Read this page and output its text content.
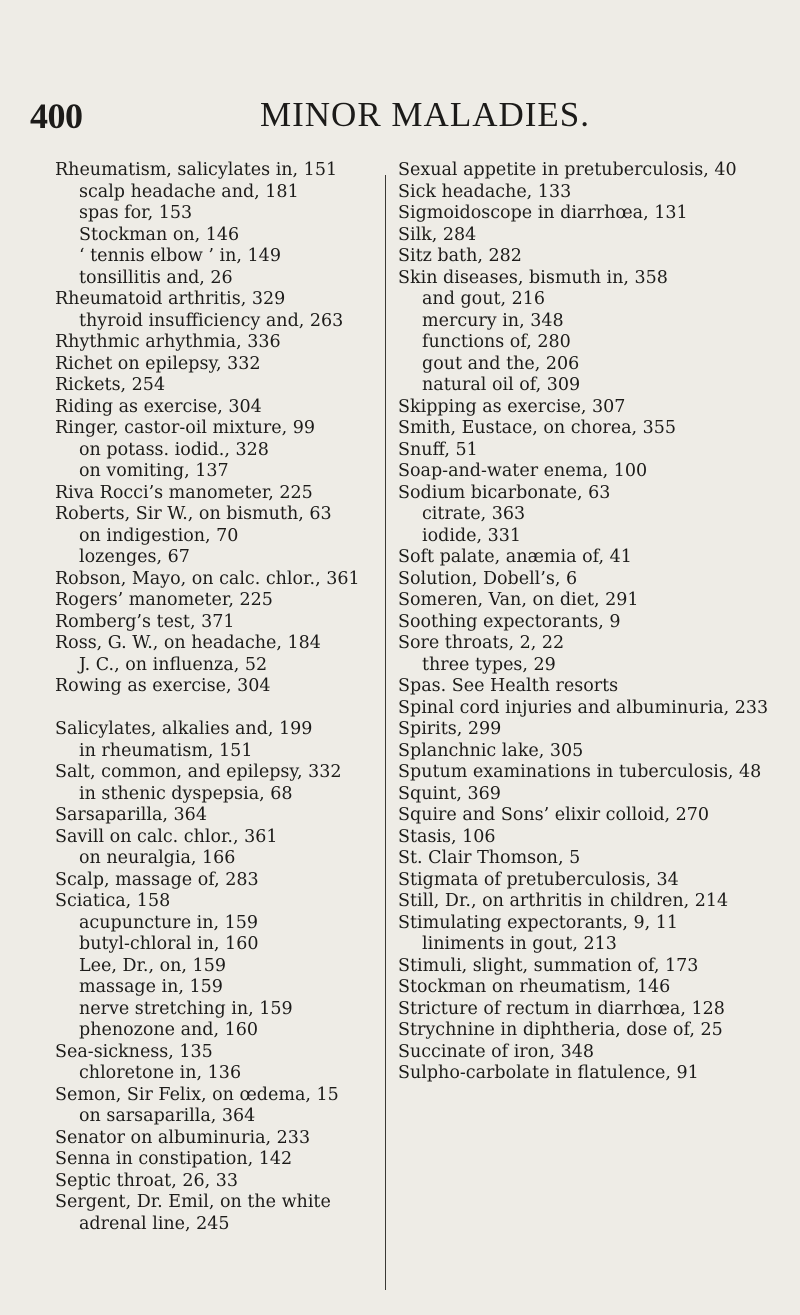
400	MINOR MALADIES.
Rheumatism, salicylates in, 151
scalp headache and, 181
spas for, 153
Stockman on, 146
‘ tennis elbow ’ in, 149
tonsillitis and, 26
Rheumatoid arthritis, 329
thyroid insufficiency and, 263
Rhythmic arhythmia, 336
Richet on epilepsy, 332
Rickets, 254
Riding as exercise, 304
Ringer, castor-oil mixture, 99
on potass. iodid., 328
on vomiting, 137
Riva Rocci’s manometer, 225
Roberts, Sir W., on bismuth, 63
on indigestion, 70
lozenges, 67
Robson, Mayo, on calc. chlor., 361
Rogers’ manometer, 225
Romberg’s test, 371
Ross, G. W., on headache, 184
J. C., on influenza, 52
Rowing as exercise, 304
Salicylates, alkalies and, 199
in rheumatism, 151
Salt, common, and epilepsy, 332
in sthenic dyspepsia, 68
Sarsaparilla, 364
Savill on calc. chlor., 361
on neuralgia, 166
Scalp, massage of, 283
Sciatica, 158
acupuncture in, 159
butyl-chloral in, 160
Lee, Dr., on, 159
massage in, 159
nerve stretching in, 159
phenozone and, 160
Sea-sickness, 135
chloretone in, 136
Semon, Sir Felix, on œdema, 15
on sarsaparilla, 364
Senator on albuminuria, 233
Senna in constipation, 142
Septic throat, 26, 33
Sergent, Dr. Emil, on the white adrenal line, 245
Sexual appetite in pretuberculosis, 40
Sick headache, 133
Sigmoidoscope in diarrhœa, 131
Silk, 284
Sitz bath, 282
Skin diseases, bismuth in, 358
and gout, 216
mercury in, 348
functions of, 280
gout and the, 206
natural oil of, 309
Skipping as exercise, 307
Smith, Eustace, on chorea, 355
Snuff, 51
Soap-and-water enema, 100
Sodium bicarbonate, 63
citrate, 363
iodide, 331
Soft palate, anæmia of, 41
Solution, Dobell’s, 6
Someren, Van, on diet, 291
Soothing expectorants, 9
Sore throats, 2, 22
three types, 29
Spas. See Health resorts
Spinal cord injuries and albuminuria, 233
Spirits, 299
Splanchnic lake, 305
Sputum examinations in tuberculosis, 48
Squint, 369
Squire and Sons’ elixir colloid, 270
Stasis, 106
St. Clair Thomson, 5
Stigmata of pretuberculosis, 34
Still, Dr., on arthritis in children, 214
Stimulating expectorants, 9, 11
liniments in gout, 213
Stimuli, slight, summation of, 173
Stockman on rheumatism, 146
Stricture of rectum in diarrhœa, 128
Strychnine in diphtheria, dose of, 25
Succinate of iron, 348
Sulpho-carbolate in flatulence, 91
